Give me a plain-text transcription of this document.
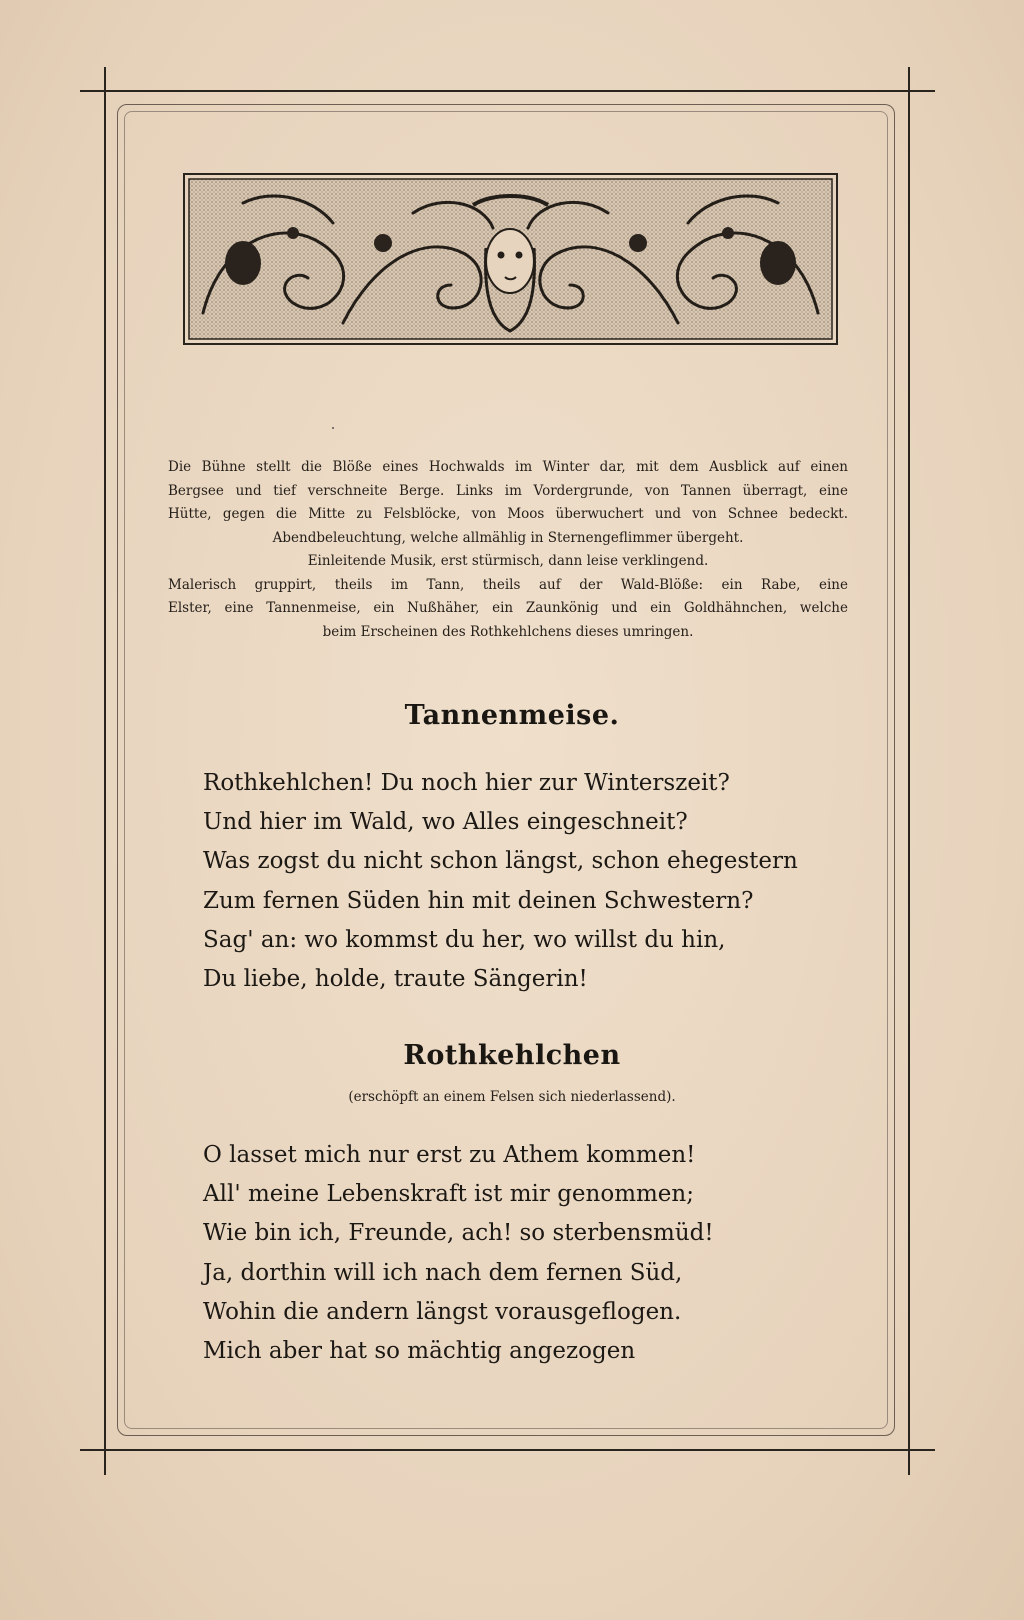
Die Bühne stellt die Blöße eines Hochwalds im Winter dar, mit dem Ausblick auf einen
Bergsee und tief verschneite Berge. Links im Vordergrunde, von Tannen überragt, eine
Hütte, gegen die Mitte zu Felsblöcke, von Moos überwuchert und von Schnee bedeckt.
Abendbeleuchtung, welche allmählig in Sternengeflimmer übergeht.
Einleitende Musik, erst stürmisch, dann leise verklingend.
Malerisch gruppirt, theils im Tann, theils auf der Wald-Blöße: ein Rabe, eine
Elster, eine Tannenmeise, ein Nußhäher, ein Zaunkönig und ein Goldhähnchen, welche
beim Erscheinen des Rothkehlchens dieses umringen.
Tannenmeise.
Rothkehlchen! Du noch hier zur Winterszeit?
Und hier im Wald, wo Alles eingeschneit?
Was zogst du nicht schon längst, schon ehegestern
Zum fernen Süden hin mit deinen Schwestern?
Sag' an: wo kommst du her, wo willst du hin,
Du liebe, holde, traute Sängerin!
Rothkehlchen
(erschöpft an einem Felsen sich niederlassend).
O lasset mich nur erst zu Athem kommen!
All' meine Lebenskraft ist mir genommen;
Wie bin ich, Freunde, ach! so sterbensmüd!
Ja, dorthin will ich nach dem fernen Süd,
Wohin die andern längst vorausgeflogen.
Mich aber hat so mächtig angezogen
